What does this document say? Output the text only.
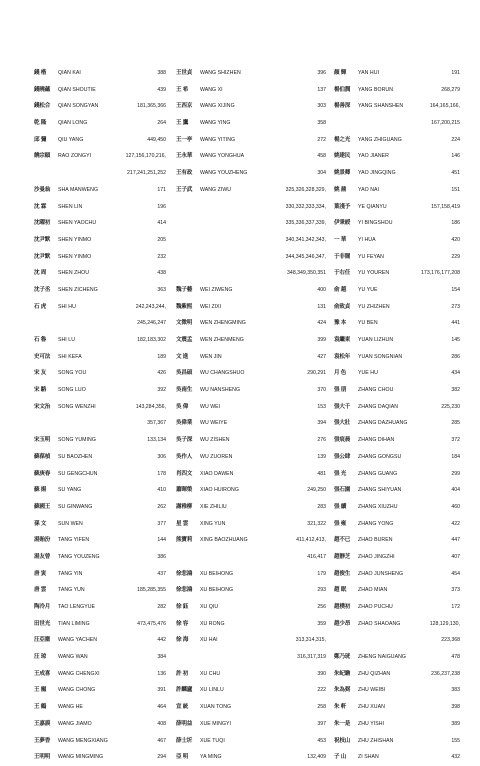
錢 楷 QIAN KAI	388
錢曉蘊 QIAN SHOUTIE	439
錢松合 QIAN SONGYAN	181,365,366
乾 隆 QIAN LONG	264
邱 彌 QIU YANG	449,450
饒宗頤 RAO ZONGYI	127,156,170,216,
217,241,251,252
沙曼翁 SHA MANWENG	171
沈 霖 SHEN LIN	196
沈曜初 SHEN YAOCHU	414
沈尹默 SHEN YINMO	205
沈尹默 SHEN YINMO	232
沈 周 SHEN ZHOU	438
沈子丞 SHEN ZICHENG	363
石 虎 SHI HU	242,243,244,
245,246,247
石 魯 SHI LU	182,183,302
史可法 SHI KEFA	189
宋 友 SONG YOU	426
宋 駱 SONG LUO	392
宋文治 SONG WENZHI	143,284,356,
357,367
宋玉明 SONG YUMING	133,134
蘇葆楨 SU BAOZHEN	306
蘇庚春 SU GENGCHUN	178
蘇 揚 SU YANG	410
蘇國王 SU GINWANG	262
孫 文 SUN WEN	377
湯貽汾 TANG YIFEN	144
湯友曾 TANG YOUZENG	386
唐 寅 TANG YIN	437
唐 雲 TANG YUN	185,285,355
陶冷月 TAO LENGYUE	282
田世光 TIAN LIMING	473,475,476
汪亞塵 WANG YACHEN	442
汪 琼 WANG WAN	384
王成喜 WANG CHENGXI	136
王 寵 WANG CHONG	391
王 鶴 WANG HE	464
王嘉謨 WANG JIAMO	408
王夢香 WANG MENGXIANG	467
王明明 WANG MINGMING	294
王世貞 WANG SHIZHEN	396
王 希 WANG XI	137
王西京 WANG XIJING	303
王 鷹 WANG YING	358
王一亭 WANG YITING	272
王永華 WANG YONGHUA	458
王有政 WANG YOUZHENG	304
王子武 WANG ZIWU	325,326,328,329,
330,332,333,334,
335,336,337,339,
340,341,342,343,
344,345,346,347,
348,349,350,351
魏子藝 WEI ZIWENG	400
魏紫熙 WEI ZIXI	131
文徵明 WEN ZHENGMING	424
文震孟 WEN ZHENMENG	399
文 進 WEN JIN	427
吳昌碩 WU CHANGSHUO	290,291
吳南生 WU NANSHENG	370
吳 偉 WU WEI	153
吳偉業 WU WEIYE	394
吳子深 WU ZISHEN	276
吳作人 WU ZUOREN	139
肖四文 XIAO DAWEN	481
蕭暉榮 XIAO HUIRONG	249,250
謝稚柳 XIE ZHILIU	283
星 雲 XING YUN	321,322
熊寶莉 XING BAOZHUANG	411,412,413,
416,417
徐悲鴻 XU BEIHONG	179
徐悲鴻 XU BEIHONG	293
徐 鈺 XU QIU	256
徐 容 XU RONG	359
徐 海 XU HAI	313,314,315,
316,317,319
許 初 XU CHU	390
許麟廬 XU LINLU	222
宣 統 XUAN TONG	258
薛明益 XUE MINGYI	397
薛士圻 XUE TUQI	453
亞 明 YA MING	132,409
顏 輝 YAN HUI	191
楊伯潤 YANG BORUN	268,279
楊善深 YANG SHANSHEN	164,165,166,
167,200,215
楊之光 YANG ZHIGUANG	224
姚建民 YAO JIANER	146
姚景卿 YAO JINGQING	451
姚 鼐 YAO NAI	151
葉淺予 YE QIANYU	157,158,419
伊秉綬 YI BINGSHOU	186
一 華 YI HUA	420
于非闇 YU FEYAN	229
于右任 YU YOUREN	173,176,177,208
俞 越 YU YUE	154
俞致貞 YU ZHIZHEN	273
豫 本 YU BEN	441
袁繼東 YUAN LIZHUN	145
袁松年 YUAN SONGNIAN	286
月 色 YUE HU	434
張 朋 ZHANG CHOU	382
張大千 ZHANG DAQIAN	225,230
張大壯 ZHANG DAZHUANG	285
張宸晨 ZHANG DIHAN	372
張公肆 ZHANG GONGSU	184
張 光 ZHANG GUANG	299
張石園 ZHANG SHIYUAN	404
張 續 ZHANG XIUZHU	460
張 雍 ZHANG YONG	422
趙不已 ZHAO BUREN	447
趙靜芝 ZHAO JINGZHI	407
趙俊生 ZHAO JUNSHENG	454
趙 眠 ZHAO MIAN	373
趙樸初 ZHAO PUCHU	172
趙少昂 ZHAO SHAOANG	128,129,130,
223,368
鄭乃珖 ZHENG NAIGUANG	478
朱屺瞻 ZHU QIZHAN	236,237,238
朱為弼 ZHU WEIBI	383
朱 軒 ZHU XUAN	398
朱一是 ZHU YISHI	389
祝枝山 ZHU ZHISHAN	155
子 山 ZI SHAN	432
